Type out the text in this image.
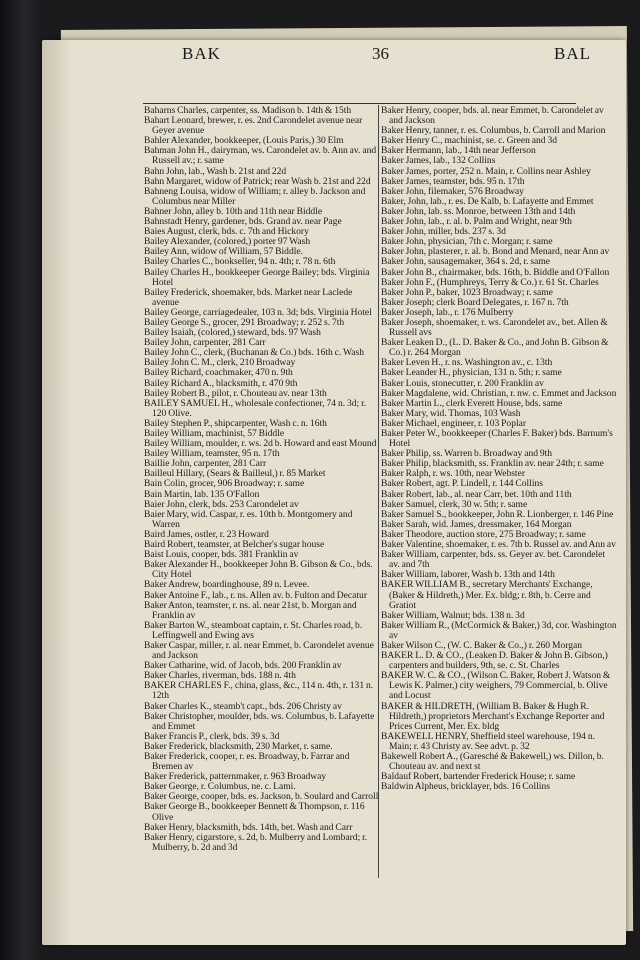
BAK	36	BAL
Baharns Charles, carpenter, ss. Madison b. 14th & 15th
Bahart Leonard, brewer, r. es. 2nd Carondelet avenue near Geyer avenue
Bahler Alexander, bookkeeper, (Louis Paris,) 30 Elm
Bahman John H., dairyman, ws. Carondelet av. b. Ann av. and Russell av.; r. same
Bahn John, lab., Wash b. 21st and 22d
Bahn Margaret, widow of Patrick; rear Wash b. 21st and 22d
Bahneng Louisa, widow of William; r. alley b. Jackson and Columbus near Miller
Bahner John, alley b. 10th and 11th near Biddle
Bahnstadt Henry, gardener, bds. Grand av. near Page
Baies August, clerk, bds. c. 7th and Hickory
Bailey Alexander, (colored,) porter 97 Wash
Bailey Ann, widow of William, 57 Biddle.
Bailey Charles C., bookseller, 94 n. 4th; r. 78 n. 6th
Bailey Charles H., bookkeeper George Bailey; bds. Virginia Hotel
Bailey Frederick, shoemaker, bds. Market near Laclede avenue
Bailey George, carriagedealer, 103 n. 3d; bds. Virginia Hotel
Bailey George S., grocer, 291 Broadway; r. 252 s. 7th
Bailey Isaiah, (colored,) steward, bds. 97 Wash
Bailey John, carpenter, 281 Carr
Bailey John C., clerk, (Buchanan & Co.) bds. 16th c. Wash
Bailey John C. M., clerk, 210 Broadway
Bailey Richard, coachmaker, 470 n. 9th
Bailey Richard A., blacksmith, r. 470 9th
Bailey Robert B., pilot, r. Chouteau av. near 13th
BAILEY SAMUEL H., wholesale confectioner, 74 n. 3d; r. 120 Olive.
Bailey Stephen P., shipcarpenter, Wash c. n. 16th
Bailey William, machinist, 57 Biddle
Bailey William, moulder, r. ws. 2d b. Howard and east Mound
Bailey William, teamster, 95 n. 17th
Baillie John, carpenter, 281 Carr
Bailleul Hillary, (Sears & Bailleul,) r. 85 Market
Bain Colin, grocer, 906 Broadway; r. same
Bain Martin, lab. 135 O'Fallon
Baier John, clerk, bds. 253 Carondelet av
Baier Mary, wid. Caspar, r. es. 10th b. Montgomery and Warren
Baird James, ostler, r. 23 Howard
Baird Robert, teamster, at Belcher's sugar house
Baist Louis, cooper, bds. 381 Franklin av
Baker Alexander H., bookkeeper John B. Gibson & Co., bds. City Hotel
Baker Andrew, boardinghouse, 89 n. Levee.
Baker Antoine F., lab., r. ns. Allen av. b. Fulton and Decatur
Baker Anton, teamster, r. ns. al. near 21st, b. Morgan and Franklin av
Baker Barton W., steamboat captain, r. St. Charles road, b. Leffingwell and Ewing avs
Baker Caspar, miller, r. al. near Emmet, b. Carondelet avenue and Jackson
Baker Catharine, wid. of Jacob, bds. 200 Franklin av
Baker Charles, riverman, bds. 188 n. 4th
BAKER CHARLES F., china, glass, &c., 114 n. 4th, r. 131 n. 12th
Baker Charles K., steamb't capt., bds. 206 Christy av
Baker Christopher, moulder, bds. ws. Columbus, b. Lafayette and Emmet
Baker Francis P., clerk, bds. 39 s. 3d
Baker Frederick, blacksmith, 230 Market, r. same.
Baker Frederick, cooper, r. es. Broadway, b. Farrar and Bremen av
Baker Frederick, patternmaker, r. 963 Broadway
Baker George, r. Columbus, ne. c. Lami.
Baker George, cooper, bds. es. Jackson, b. Soulard and Carroll
Baker George B., bookkeeper Bennett & Thompson, r. 116 Olive
Baker Henry, blacksmith, bds. 14th, bet. Wash and Carr
Baker Henry, cigarstore, s. 2d, b. Mulberry and Lombard; r. Mulberry, b. 2d and 3d
Baker Henry, cooper, bds. al. near Emmet, b. Carondelet av and Jackson
Baker Henry, tanner, r. es. Columbus, b. Carroll and Marion
Baker Henry C., machinist, se. c. Green and 3d
Baker Hermann, lab., 14th near Jefferson
Baker James, lab., 132 Collins
Baker James, porter, 252 n. Main, r. Collins near Ashley
Baker James, teamster, bds. 95 n. 17th
Baker John, filemaker, 576 Broadway
Baker, John, lab., r. es. De Kalb, b. Lafayette and Emmet
Baker John, lab. ss. Monroe, between 13th and 14th
Baker John, lab., r. al. b. Palm and Wright, near 9th
Baker John, miller, bds. 237 s. 3d
Baker John, physician, 7th c. Morgan; r. same
Baker John, plasterer, r. al. b. Bond and Menard, near Ann av
Baker John, sausagemaker, 364 s. 2d, r. same
Baker John B., chairmaker, bds. 16th, b. Biddle and O'Fallon
Baker John F., (Humphreys, Terry & Co.) r. 61 St. Charles
Baker John P., baker, 1023 Broadway; r. same
Baker Joseph; clerk Board Delegates, r. 167 n. 7th
Baker Joseph, lab., r. 176 Mulberry
Baker Joseph, shoemaker, r. ws. Carondelet av., bet. Allen & Russell avs
Baker Leaken D., (L. D. Baker & Co., and John B. Gibson & Co.) r. 264 Morgan
Baker Leven H., r. ns. Washington av., c. 13th
Baker Leander H., physician, 131 n. 5th; r. same
Baker Louis, stonecutter, r. 200 Franklin av
Baker Magdalene, wid. Christian, r. nw. c. Emmet and Jackson
Baker Martin L., clerk Everett House, bds. same
Baker Mary, wid. Thomas, 103 Wash
Baker Michael, engineer, r. 103 Poplar
Baker Peter W., bookkeeper (Charles F. Baker) bds. Barnum's Hotel
Baker Philip, ss. Warren b. Broadway and 9th
Baker Philip, blacksmith, ss. Franklin av. near 24th; r. same
Baker Ralph, r. ws. 10th, near Webster
Baker Robert, agt. P. Lindell, r. 144 Collins
Baker Robert, lab., al. near Carr, bet. 10th and 11th
Baker Samuel, clerk, 30 w. 5th; r. same
Baker Samuel S., bookkeeper, John R. Lionberger, r. 146 Pine
Baker Sarah, wid. James, dressmaker, 164 Morgan
Baker Theodore, auction store, 275 Broadway; r. same
Baker Valentine, shoemaker, r. es. 7th b. Russel av. and Ann av
Baker William, carpenter, bds. ss. Geyer av. bet. Carondelet av. and 7th
Baker William, laborer, Wash b. 13th and 14th
BAKER WILLIAM B., secretary Merchants' Exchange, (Baker & Hildreth,) Mer. Ex. bldg; r. 8th, b. Cerre and Gratiot
Baker William, Walnut; bds. 138 n. 3d
Baker William R., (McCormick & Baker,) 3d, cor. Washington av
Baker Wilson C., (W. C. Baker & Co.,) r. 260 Morgan
BAKER L. D. & CO., (Leaken D. Baker & John B. Gibson,) carpenters and builders, 9th, se. c. St. Charles
BAKER W. C. & CO., (Wilson C. Baker, Robert J. Watson & Lewis K. Palmer,) city weighers, 79 Commercial, b. Olive and Locust
BAKER & HILDRETH, (William B. Baker & Hugh R. Hildreth,) proprietors Merchant's Exchange Reporter and Prices Current, Mer. Ex. bldg
BAKEWELL HENRY, Sheffield steel warehouse, 194 n. Main; r. 43 Christy av. See advt. p. 32
Bakewell Robert A., (Garesché & Bakewell,) ws. Dillon, b. Chouteau av. and next st
Baldauf Robert, bartender Frederick House; r. same
Baldwin Alpheus, bricklayer, bds. 16 Collins
